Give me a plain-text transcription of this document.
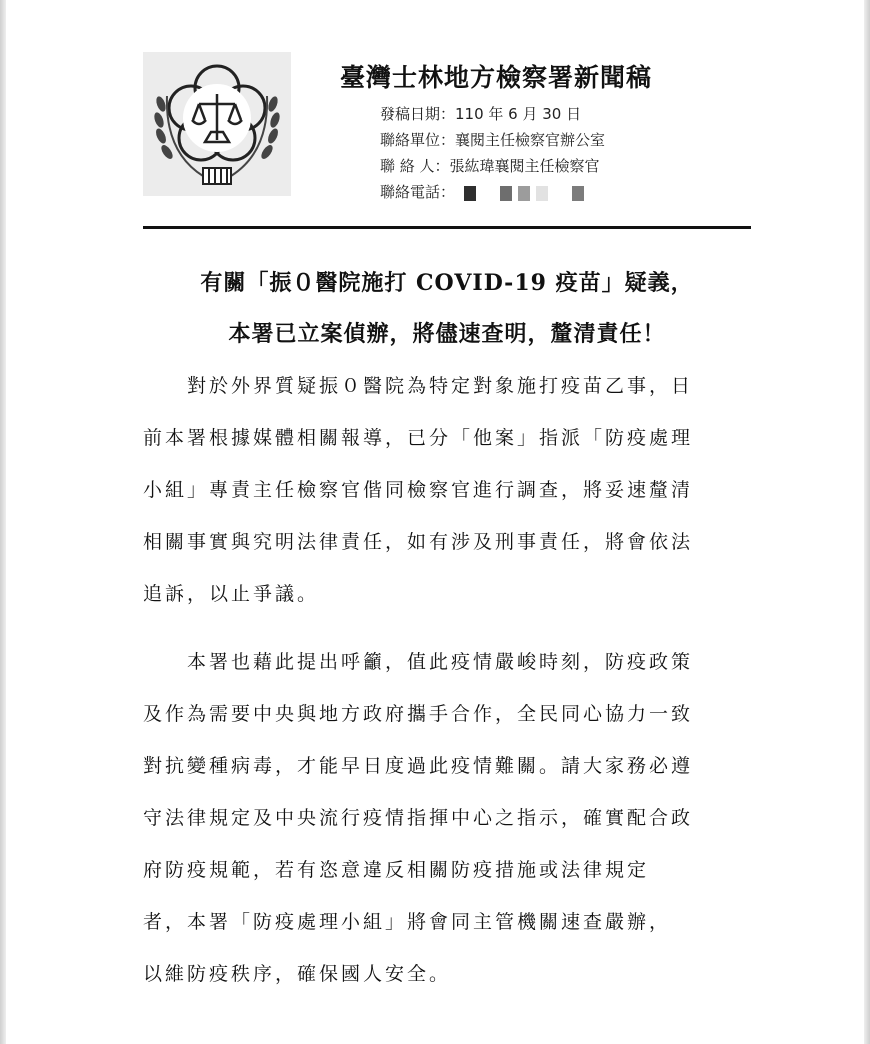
臺灣士林地方檢察署新聞稿
發稿日期：110 年 6 月 30 日
聯絡單位：襄閱主任檢察官辦公室
聯 絡 人：張紘瑋襄閱主任檢察官
聯絡電話：
有關「振０醫院施打 COVID-19 疫苗」疑義，
本署已立案偵辦，將儘速查明，釐清責任！
　　對於外界質疑振０醫院為特定對象施打疫苗乙事，日
前本署根據媒體相關報導，已分「他案」指派「防疫處理
小組」專責主任檢察官偕同檢察官進行調查，將妥速釐清
相關事實與究明法律責任，如有涉及刑事責任，將會依法
追訴，以止爭議。
　　本署也藉此提出呼籲，值此疫情嚴峻時刻，防疫政策
及作為需要中央與地方政府攜手合作，全民同心協力一致
對抗變種病毒，才能早日度過此疫情難關。請大家務必遵
守法律規定及中央流行疫情指揮中心之指示，確實配合政
府防疫規範，若有恣意違反相關防疫措施或法律規定
者，本署「防疫處理小組」將會同主管機關速查嚴辦，
以維防疫秩序，確保國人安全。
